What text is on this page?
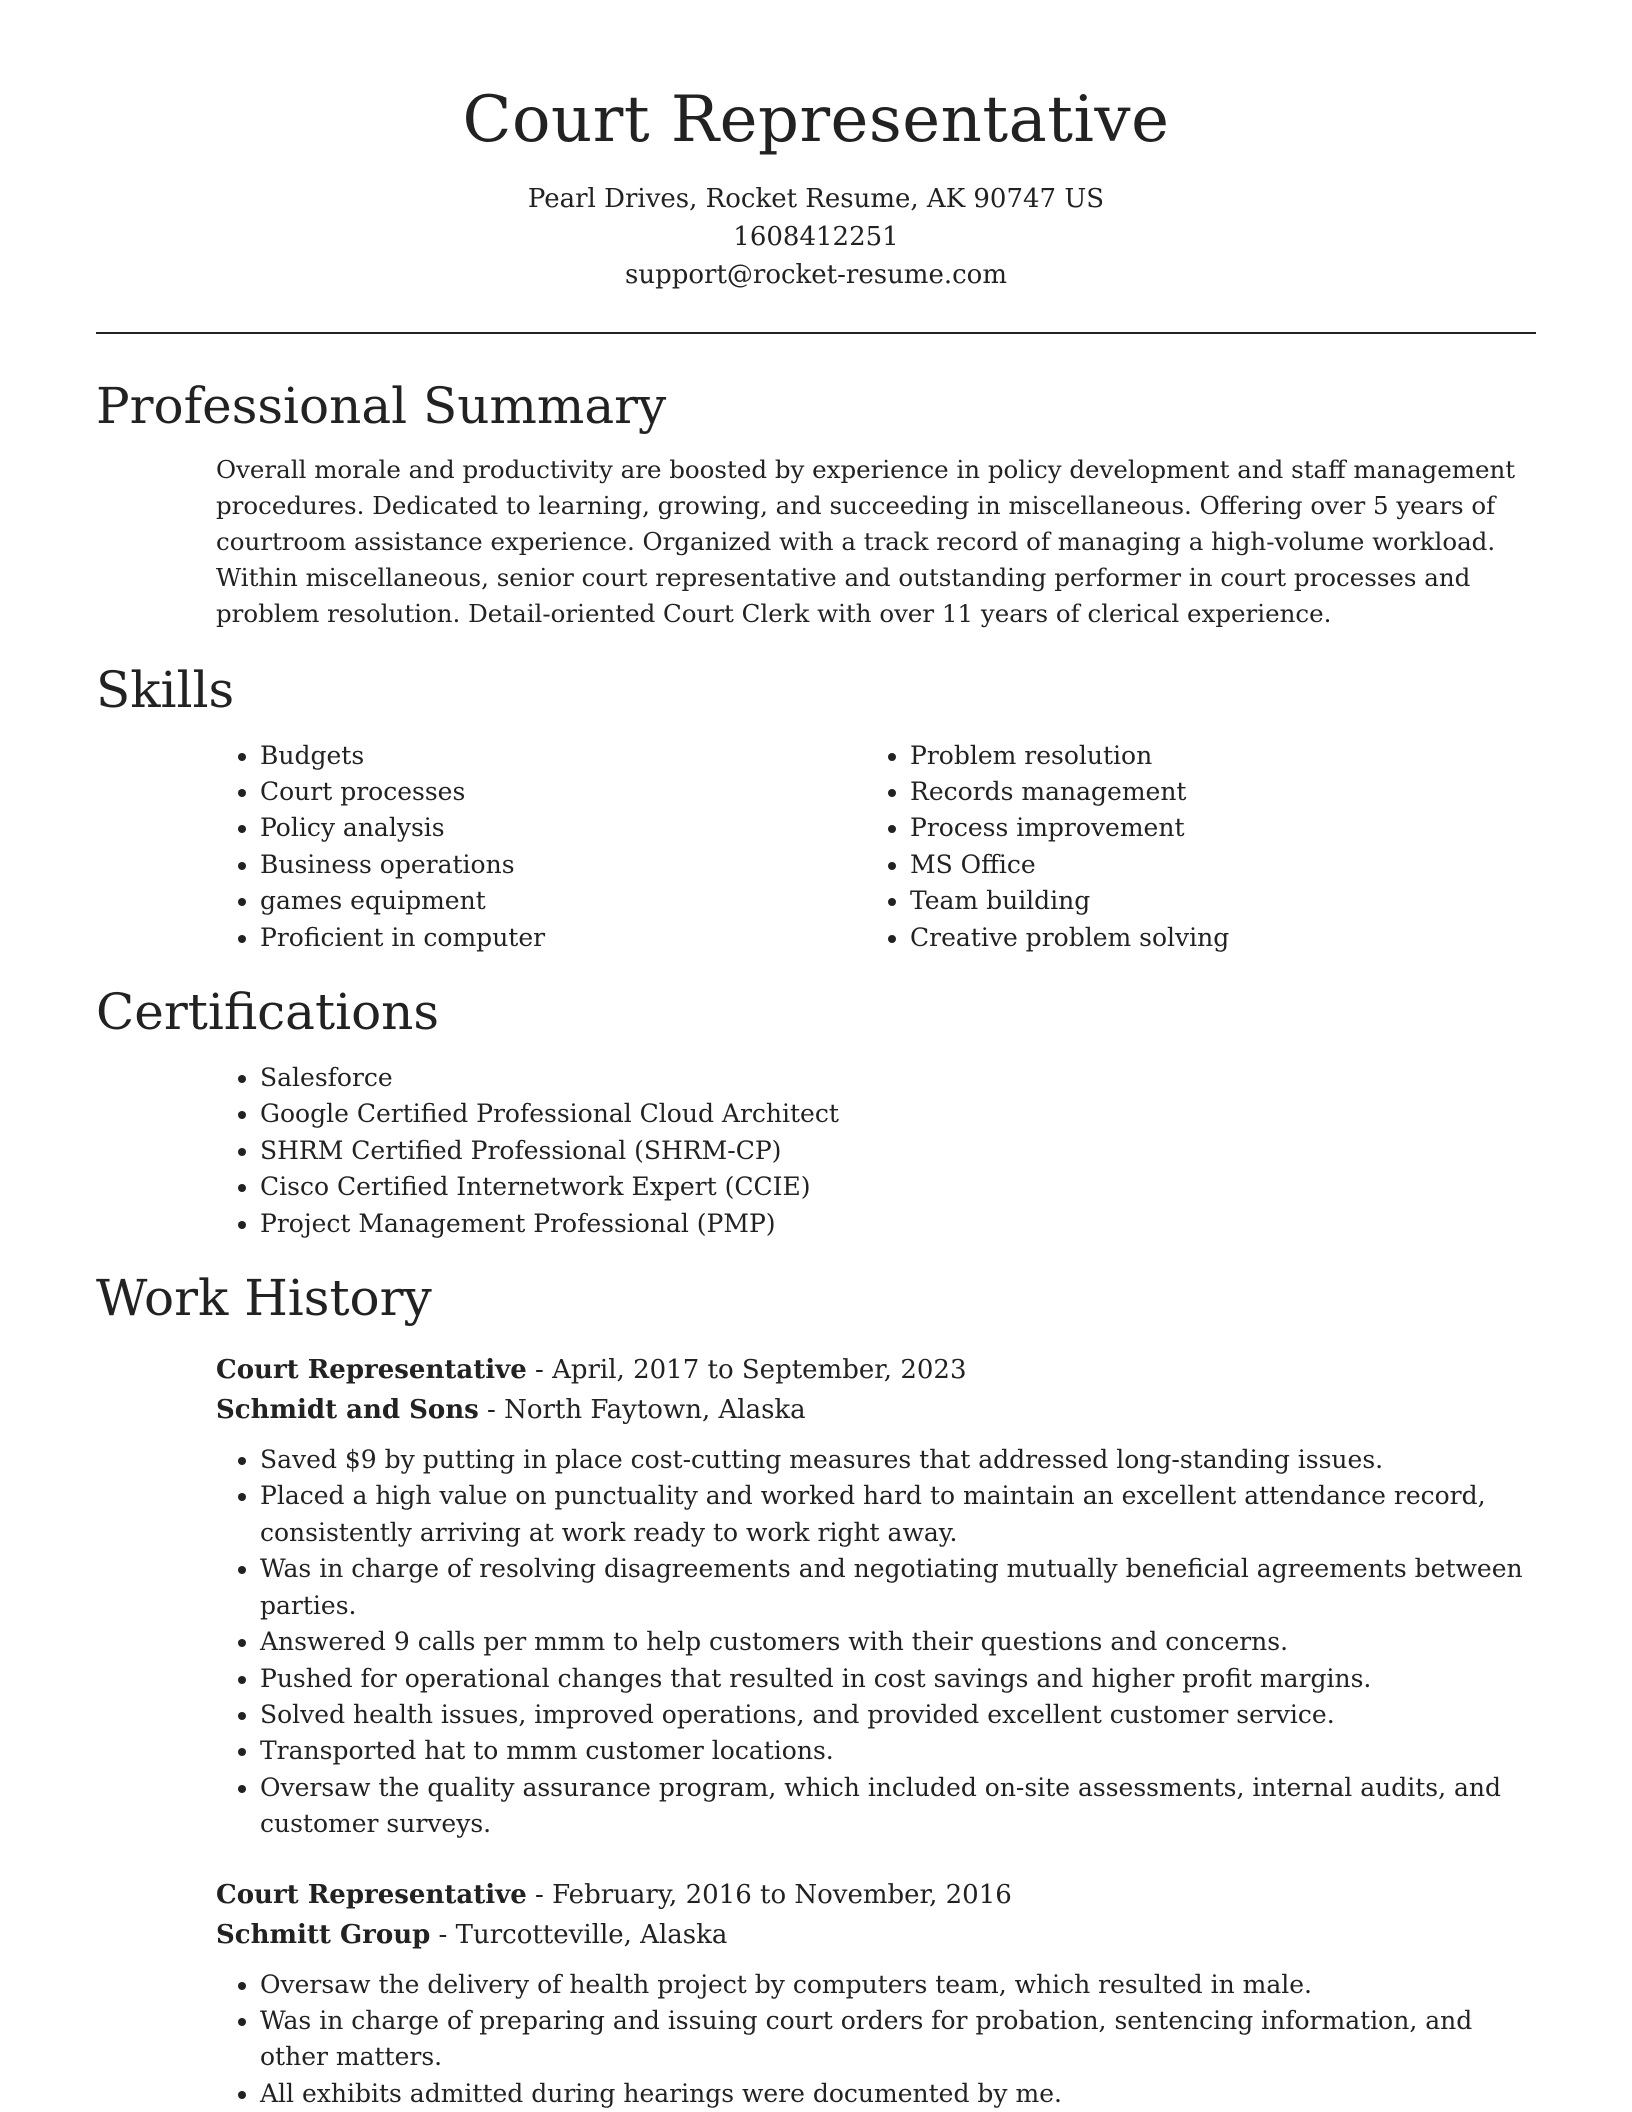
Court Representative
Pearl Drives, Rocket Resume, AK 90747 US
1608412251
support@rocket-resume.com
Professional Summary
Overall morale and productivity are boosted by experience in policy development and staff management procedures. Dedicated to learning, growing, and succeeding in miscellaneous. Offering over 5 years of courtroom assistance experience. Organized with a track record of managing a high-volume workload. Within miscellaneous, senior court representative and outstanding performer in court processes and problem resolution. Detail-oriented Court Clerk with over 11 years of clerical experience.
Skills
• Budgets
• Court processes
• Policy analysis
• Business operations
• games equipment
• Proficient in computer
• Problem resolution
• Records management
• Process improvement
• MS Office
• Team building
• Creative problem solving
Certifications
• Salesforce
• Google Certified Professional Cloud Architect
• SHRM Certified Professional (SHRM-CP)
• Cisco Certified Internetwork Expert (CCIE)
• Project Management Professional (PMP)
Work History
Court Representative - April, 2017 to September, 2023
Schmidt and Sons - North Faytown, Alaska
• Saved $9 by putting in place cost-cutting measures that addressed long-standing issues.
• Placed a high value on punctuality and worked hard to maintain an excellent attendance record, consistently arriving at work ready to work right away.
• Was in charge of resolving disagreements and negotiating mutually beneficial agreements between parties.
• Answered 9 calls per mmm to help customers with their questions and concerns.
• Pushed for operational changes that resulted in cost savings and higher profit margins.
• Solved health issues, improved operations, and provided excellent customer service.
• Transported hat to mmm customer locations.
• Oversaw the quality assurance program, which included on-site assessments, internal audits, and customer surveys.
Court Representative - February, 2016 to November, 2016
Schmitt Group - Turcotteville, Alaska
• Oversaw the delivery of health project by computers team, which resulted in male.
• Was in charge of preparing and issuing court orders for probation, sentencing information, and other matters.
• All exhibits admitted during hearings were documented by me.
